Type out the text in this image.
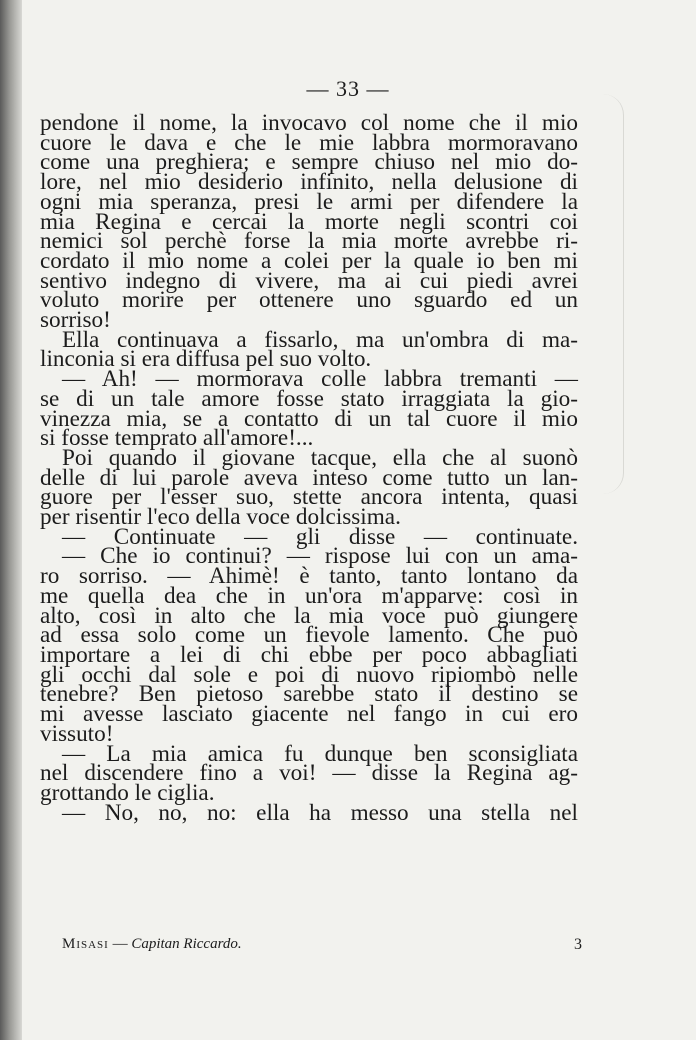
— 33 —
pendone il nome, la invocavo col nome che il mio
cuore le dava e che le mie labbra mormoravano
come una preghiera; e sempre chiuso nel mio do-
lore, nel mio desiderio infinito, nella delusione di
ogni mia speranza, presi le armi per difendere la
mia Regina e cercai la morte negli scontri coi
nemici sol perchè forse la mia morte avrebbe ri-
cordato il mio nome a colei per la quale io ben mi
sentivo indegno di vivere, ma ai cui piedi avrei
voluto morire per ottenere uno sguardo ed un
sorriso!
Ella continuava a fissarlo, ma un'ombra di ma-
linconia si era diffusa pel suo volto.
— Ah! — mormorava colle labbra tremanti —
se di un tale amore fosse stato irraggiata la gio-
vinezza mia, se a contatto di un tal cuore il mio
si fosse temprato all'amore!...
Poi quando il giovane tacque, ella che al suonò
delle di lui parole aveva inteso come tutto un lan-
guore per l'esser suo, stette ancora intenta, quasi
per risentir l'eco della voce dolcissima.
— Continuate — gli disse — continuate.
— Che io continui? — rispose lui con un ama-
ro sorriso. — Ahimè! è tanto, tanto lontano da
me quella dea che in un'ora m'apparve: così in
alto, così in alto che la mia voce può giungere
ad essa solo come un fievole lamento. Che può
importare a lei di chi ebbe per poco abbagliati
gli occhi dal sole e poi di nuovo ripiombò nelle
tenebre? Ben pietoso sarebbe stato il destino se
mi avesse lasciato giacente nel fango in cui ero
vissuto!
— La mia amica fu dunque ben sconsigliata
nel discendere fino a voi! — disse la Regina ag-
grottando le ciglia.
— No, no, no: ella ha messo una stella nel
Misasi — Capitan Riccardo.	3
